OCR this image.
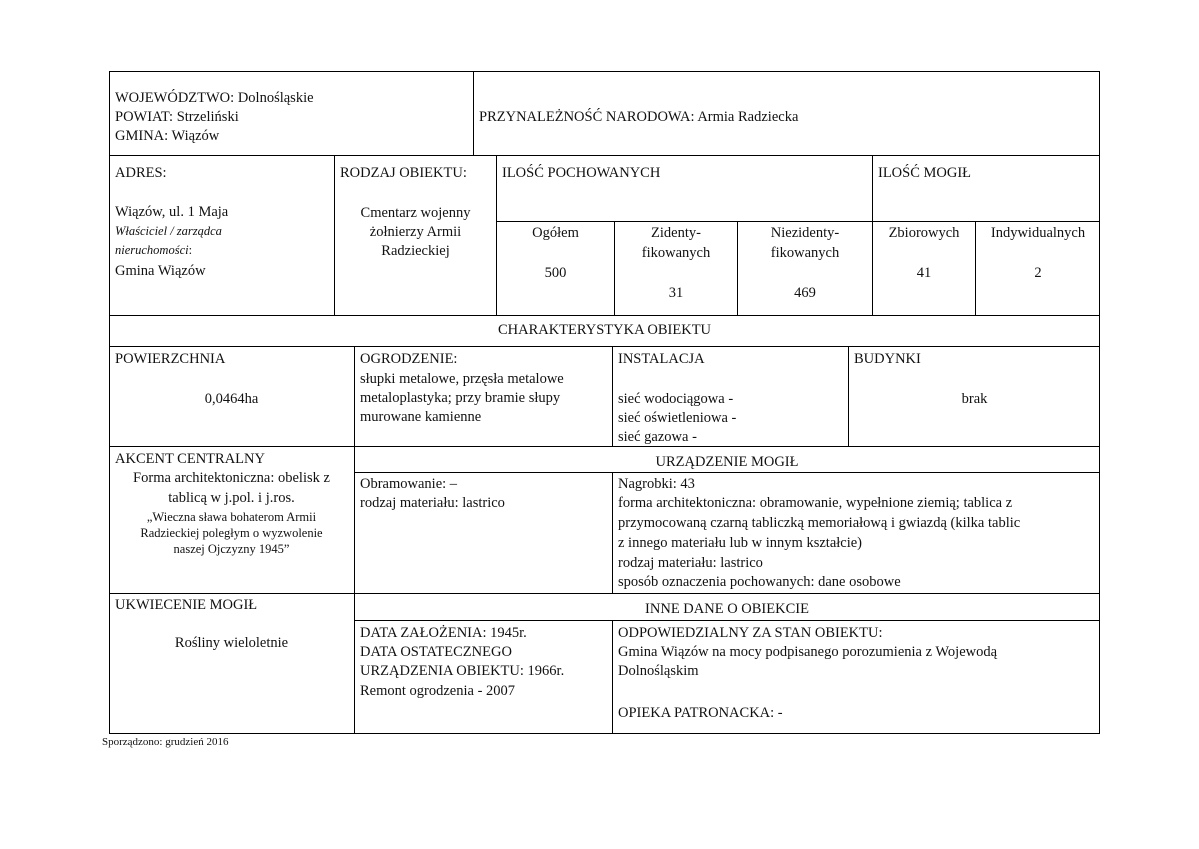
WOJEWÓDZTWO: Dolnośląskie
POWIAT: Strzeliński
GMINA: Wiązów
PRZYNALEŻNOŚĆ NARODOWA: Armia Radziecka
ADRES:
Wiązów, ul. 1 Maja
Właściciel / zarządca
nieruchomości:
Gmina Wiązów
RODZAJ OBIEKTU:
Cmentarz wojenny
żołnierzy Armii
Radzieckiej
ILOŚĆ POCHOWANYCH
Ogółem
500
Zidenty-
fikowanych
31
Niezidenty-
fikowanych
469
ILOŚĆ MOGIŁ
Zbiorowych
41
Indywidualnych
2
CHARAKTERYSTYKA OBIEKTU
POWIERZCHNIA
0,0464ha
OGRODZENIE:
słupki metalowe, przęsła metalowe
metaloplastyka; przy bramie słupy
murowane kamienne
INSTALACJA
sieć wodociągowa -
sieć oświetleniowa -
sieć gazowa -
BUDYNKI
brak
AKCENT CENTRALNY
Forma architektoniczna: obelisk z
tablicą w j.pol. i j.ros.
„Wieczna sława bohaterom Armii
Radzieckiej poległym o wyzwolenie
naszej Ojczyzny 1945”
URZĄDZENIE MOGIŁ
Obramowanie: –
rodzaj materiału: lastrico
Nagrobki: 43
forma architektoniczna: obramowanie, wypełnione ziemią; tablica z
przymocowaną czarną tabliczką memoriałową i gwiazdą (kilka tablic
z innego materiału lub w innym kształcie)
rodzaj materiału: lastrico
sposób oznaczenia pochowanych: dane osobowe
UKWIECENIE MOGIŁ
Rośliny wieloletnie
INNE DANE O OBIEKCIE
DATA ZAŁOŻENIA: 1945r.
DATA OSTATECZNEGO
URZĄDZENIA OBIEKTU: 1966r.
Remont ogrodzenia - 2007
ODPOWIEDZIALNY ZA STAN OBIEKTU:
Gmina Wiązów na mocy podpisanego porozumienia z Wojewodą
Dolnośląskim
OPIEKA PATRONACKA: -
Sporządzono: grudzień 2016
